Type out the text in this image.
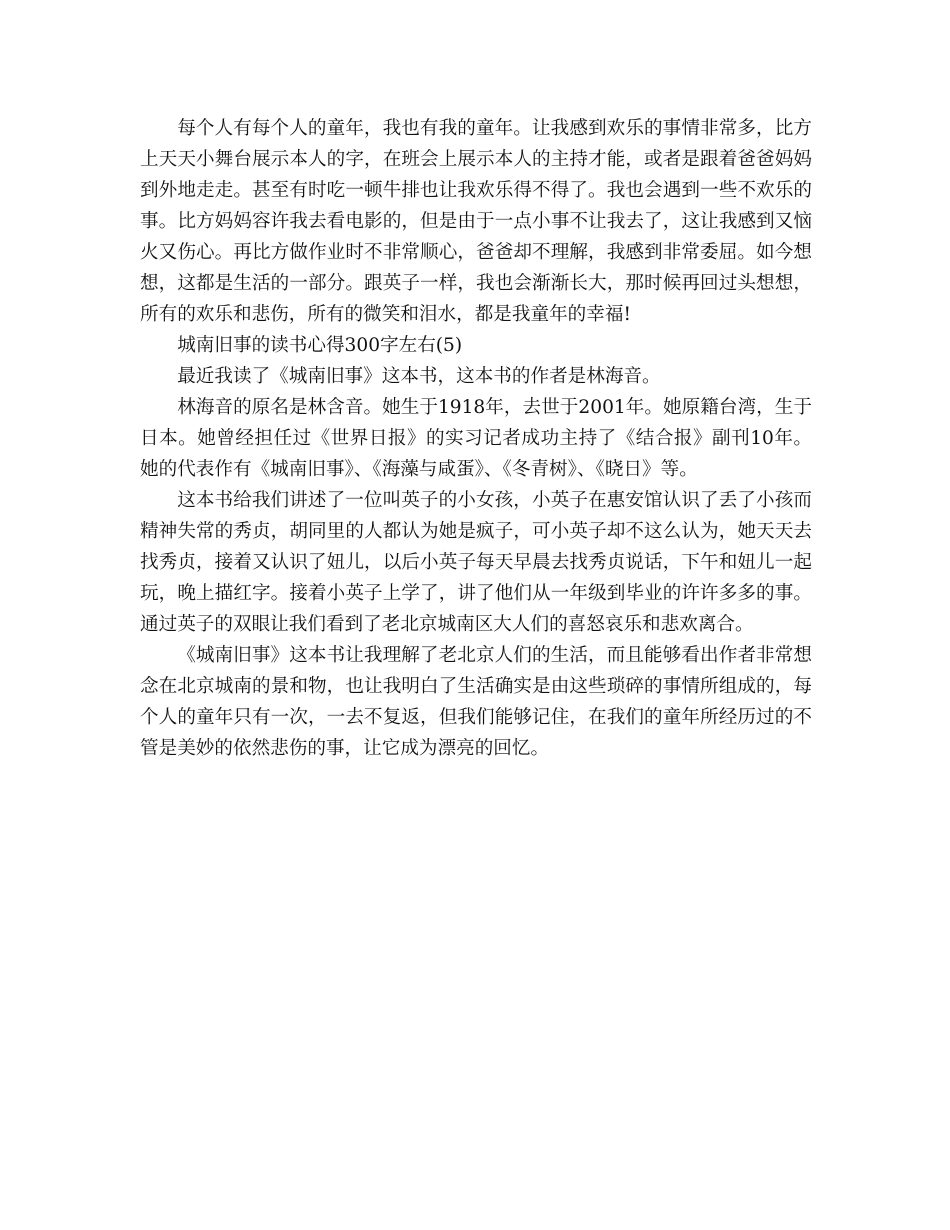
每个人有每个人的童年，我也有我的童年。让我感到欢乐的事情非常多，比方上天天小舞台展示本人的字，在班会上展示本人的主持才能，或者是跟着爸爸妈妈到外地走走。甚至有时吃一顿牛排也让我欢乐得不得了。我也会遇到一些不欢乐的事。比方妈妈容许我去看电影的，但是由于一点小事不让我去了，这让我感到又恼火又伤心。再比方做作业时不非常顺心，爸爸却不理解，我感到非常委屈。如今想想，这都是生活的一部分。跟英子一样，我也会渐渐长大，那时候再回过头想想，所有的欢乐和悲伤，所有的微笑和泪水，都是我童年的幸福!

城南旧事的读书心得300字左右(5)

最近我读了《城南旧事》这本书，这本书的作者是林海音。

林海音的原名是林含音。她生于1918年，去世于2001年。她原籍台湾，生于日本。她曾经担任过《世界日报》的实习记者成功主持了《结合报》副刊10年。她的代表作有《城南旧事》、《海藻与咸蛋》、《冬青树》、《晓日》等。

这本书给我们讲述了一位叫英子的小女孩，小英子在惠安馆认识了丢了小孩而精神失常的秀贞，胡同里的人都认为她是疯子，可小英子却不这么认为，她天天去找秀贞，接着又认识了妞儿，以后小英子每天早晨去找秀贞说话，下午和妞儿一起玩，晚上描红字。接着小英子上学了，讲了他们从一年级到毕业的许许多多的事。通过英子的双眼让我们看到了老北京城南区大人们的喜怒哀乐和悲欢离合。

《城南旧事》这本书让我理解了老北京人们的生活，而且能够看出作者非常想念在北京城南的景和物，也让我明白了生活确实是由这些琐碎的事情所组成的，每个人的童年只有一次，一去不复返，但我们能够记住，在我们的童年所经历过的不管是美妙的依然悲伤的事，让它成为漂亮的回忆。
